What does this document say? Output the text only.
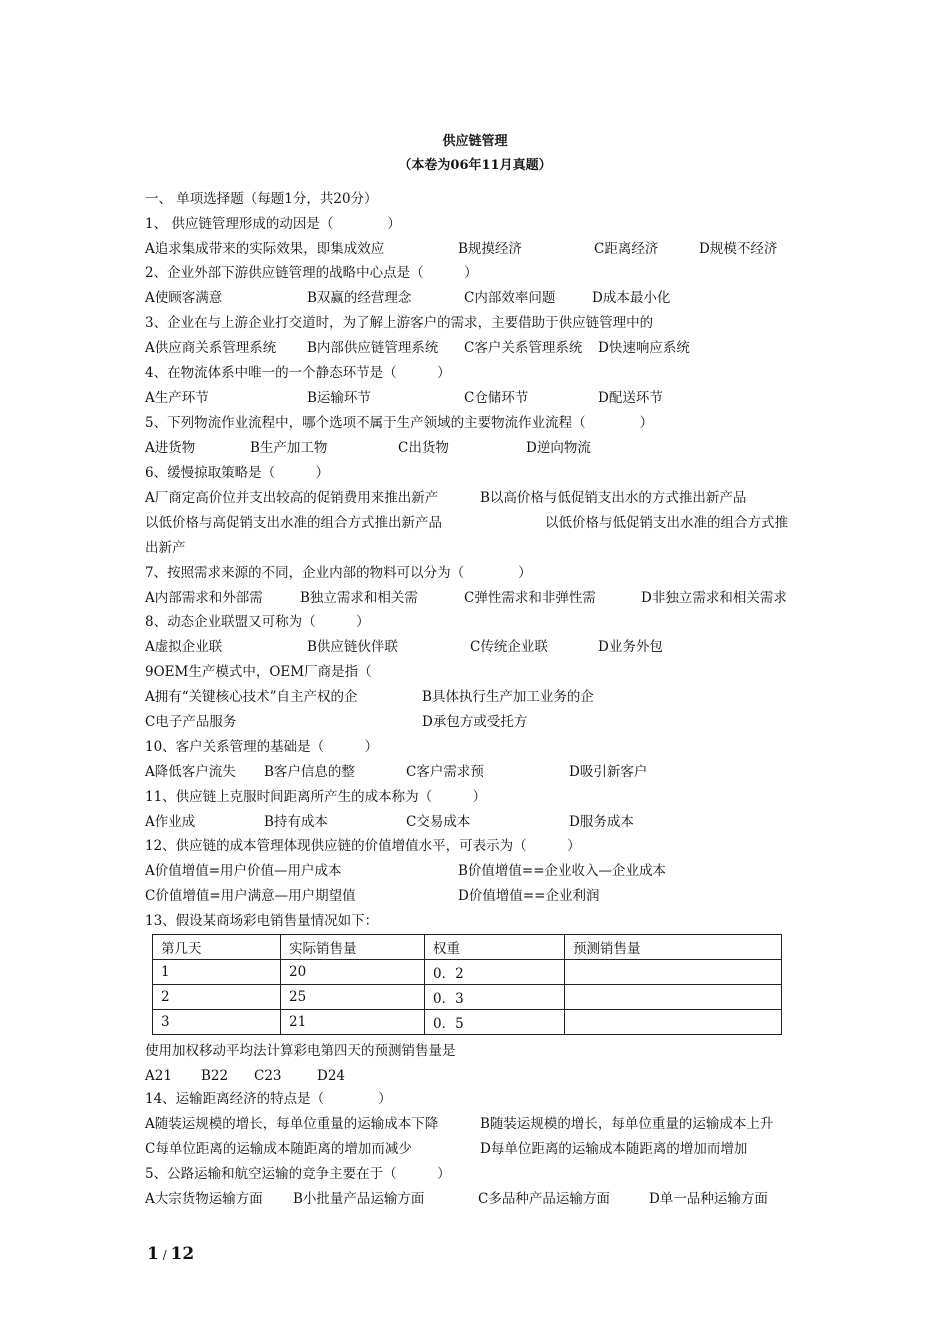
供应链管理
（本卷为06年11月真题）
一、 单项选择题（每题1分，共20分）
1、 供应链管理形成的动因是（　　　　）
A追求集成带来的实际效果，即集成效应	B规摸经济	C距离经济	D规模不经济
2、企业外部下游供应链管理的战略中心点是（　　　）
A使顾客满意	B双赢的经营理念	C内部效率问题	D成本最小化
3、企业在与上游企业打交道时，为了解上游客户的需求，主要借助于供应链管理中的
A供应商关系管理系统 B内部供应链管理系统 C客户关系管理系统 D快速响应系统
4、在物流体系中唯一的一个静态环节是（　　　）
A生产环节	B运输环节	C仓储环节	D配送环节
5、下列物流作业流程中，哪个选项不属于生产领域的主要物流作业流程（　　　　）
A进货物	B生产加工物	C出货物	D逆向物流
6、缓慢掠取策略是（　　　）
A厂商定高价位并支出较高的促销费用来推出新产	B以高价格与低促销支出水的方式推出新产品
以低价格与高促销支出水准的组合方式推出新产品	以低价格与低促销支出水准的组合方式推
出新产
7、按照需求来源的不同，企业内部的物料可以分为（　　　　）
A内部需求和外部需	B独立需求和相关需	C弹性需求和非弹性需	D非独立需求和相关需求
8、动态企业联盟又可称为（　　　）
A虚拟企业联	B供应链伙伴联	C传统企业联	D业务外包
9OEM生产模式中，OEM厂商是指（
A拥有“关键核心技术”自主产权的企	B具体执行生产加工业务的企
C电子产品服务	D承包方或受托方
10、客户关系管理的基础是（　　　）
A降低客户流失 B客户信息的整	C客户需求预	D吸引新客户
11、供应链上克服时间距离所产生的成本称为（　　　）
A作业成	B持有成本	C交易成本	D服务成本
12、供应链的成本管理体现供应链的价值增值水平，可表示为（　　　）
A价值增值=用户价值—用户成本	B价值增值==企业收入—企业成本
C价值增值=用户满意—用户期望值	D价值增值==企业利润
13、假设某商场彩电销售量情况如下：
第几天	实际销售量	权重	预测销售量
1	20	0．2	
2	25	0．3	
3	21	0．5	
使用加权移动平均法计算彩电第四天的预测销售量是
A21 B22 C23	D24
14、运输距离经济的特点是（　　　　）
A随装运规模的增长，每单位重量的运输成本下降	B随装运规模的增长，每单位重量的运输成本上升
C每单位距离的运输成本随距离的增加而减少	D每单位距离的运输成本随距离的增加而增加
5、公路运输和航空运输的竞争主要在于（　　　）
A大宗货物运输方面 B小批量产品运输方面	C多品种产品运输方面	D单一品种运输方面
1 / 12
